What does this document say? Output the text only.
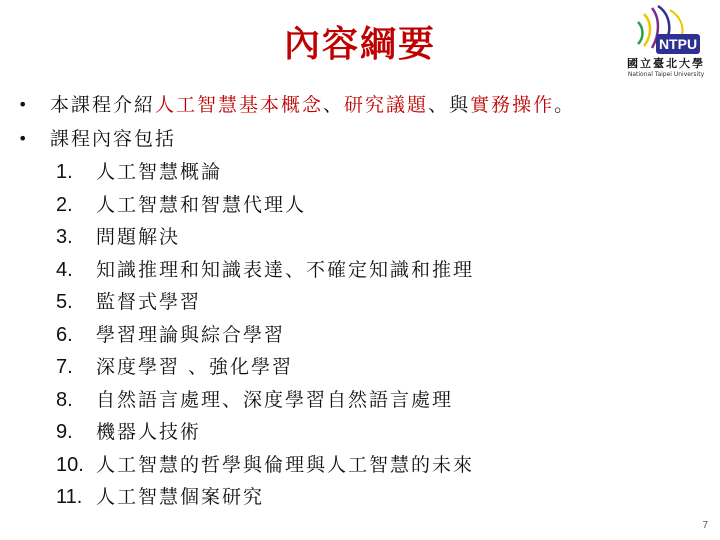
內容綱要	NTPU
國立臺北大學
National Taipei University
•	本課程介紹人工智慧基本概念、研究議題、與實務操作。
•	課程內容包括
1. 人工智慧概論
2. 人工智慧和智慧代理人
3. 問題解決
4. 知識推理和知識表達、不確定知識和推理
5. 監督式學習
6. 學習理論與綜合學習
7. 深度學習 、強化學習
8. 自然語言處理、深度學習自然語言處理
9. 機器人技術
10. 人工智慧的哲學與倫理與人工智慧的未來
11. 人工智慧個案研究
7
